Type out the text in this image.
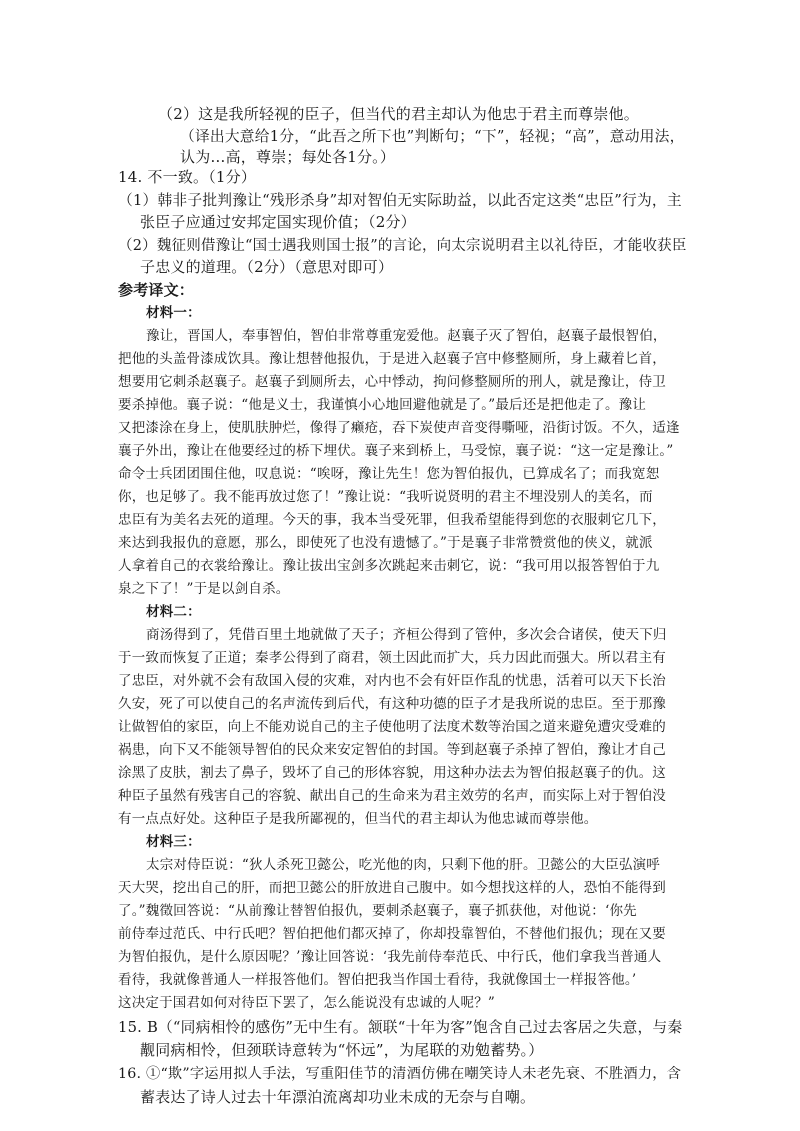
（2）这是我所轻视的臣子，但当代的君主却认为他忠于君主而尊崇他。
（译出大意给1分，“此吾之所下也”判断句；“下”，轻视；“高”，意动用法，
认为…高，尊崇；每处各1分。）
14. 不一致。（1分）
（1）韩非子批判豫让“残形杀身”却对智伯无实际助益，以此否定这类“忠臣”行为，主
张臣子应通过安邦定国实现价值；（2分）
（2）魏征则借豫让“国士遇我则国士报”的言论，向太宗说明君主以礼待臣，才能收获臣
子忠义的道理。（2分）（意思对即可）
参考译文：
材料一：
豫让，晋国人，奉事智伯，智伯非常尊重宠爱他。赵襄子灭了智伯，赵襄子最恨智伯，
把他的头盖骨漆成饮具。豫让想替他报仇，于是进入赵襄子宫中修整厕所，身上藏着匕首，
想要用它刺杀赵襄子。赵襄子到厕所去，心中悸动，拘问修整厕所的刑人，就是豫让，侍卫
要杀掉他。襄子说：“他是义士，我谨慎小心地回避他就是了。”最后还是把他走了。豫让
又把漆涂在身上，使肌肤肿烂，像得了癞疮，吞下炭使声音变得嘶哑，沿街讨饭。不久，适逢
襄子外出，豫让在他要经过的桥下埋伏。襄子来到桥上，马受惊，襄子说：“这一定是豫让。”
命令士兵团团围住他，叹息说：“唉呀，豫让先生！您为智伯报仇，已算成名了；而我宽恕
你，也足够了。我不能再放过您了！”豫让说：“我听说贤明的君主不埋没别人的美名，而
忠臣有为美名去死的道理。今天的事，我本当受死罪，但我希望能得到您的衣服刺它几下，
来达到我报仇的意愿，那么，即使死了也没有遗憾了。”于是襄子非常赞赏他的侠义，就派
人拿着自己的衣裳给豫让。豫让拔出宝剑多次跳起来击刺它，说：“我可用以报答智伯于九
泉之下了！”于是以剑自杀。
材料二：
商汤得到了，凭借百里土地就做了天子；齐桓公得到了管仲，多次会合诸侯，使天下归
于一致而恢复了正道；秦孝公得到了商君，领土因此而扩大，兵力因此而强大。所以君主有
了忠臣，对外就不会有敌国入侵的灾难，对内也不会有奸臣作乱的忧患，活着可以天下长治
久安，死了可以使自己的名声流传到后代，有这种功德的臣子才是我所说的忠臣。至于那豫
让做智伯的家臣，向上不能劝说自己的主子使他明了法度术数等治国之道来避免遭灾受难的
祸患，向下又不能领导智伯的民众来安定智伯的封国。等到赵襄子杀掉了智伯，豫让才自己
涂黑了皮肤，割去了鼻子，毁坏了自己的形体容貌，用这种办法去为智伯报赵襄子的仇。这
种臣子虽然有残害自己的容貌、献出自己的生命来为君主效劳的名声，而实际上对于智伯没
有一点点好处。这种臣子是我所鄙视的，但当代的君主却认为他忠诚而尊崇他。
材料三：
太宗对侍臣说：“狄人杀死卫懿公，吃光他的肉，只剩下他的肝。卫懿公的大臣弘演呼
天大哭，挖出自己的肝，而把卫懿公的肝放进自己腹中。如今想找这样的人，恐怕不能得到
了。”魏徵回答说：“从前豫让替智伯报仇，要刺杀赵襄子，襄子抓获他，对他说：‘你先
前侍奉过范氏、中行氏吧？智伯把他们都灭掉了，你却投靠智伯，不替他们报仇；现在又要
为智伯报仇，是什么原因呢？’豫让回答说：‘我先前侍奉范氏、中行氏，他们拿我当普通人
看待，我就像普通人一样报答他们。智伯把我当作国士看待，我就像国士一样报答他。’
这决定于国君如何对待臣下罢了，怎么能说没有忠诚的人呢？”
15. B（“同病相怜的感伤”无中生有。颔联“十年为客”饱含自己过去客居之失意，与秦
觏同病相怜，但颈联诗意转为“怀远”，为尾联的劝勉蓄势。）
16. ①“欺”字运用拟人手法，写重阳佳节的清酒仿佛在嘲笑诗人未老先衰、不胜酒力，含
蓄表达了诗人过去十年漂泊流离却功业未成的无奈与自嘲。
